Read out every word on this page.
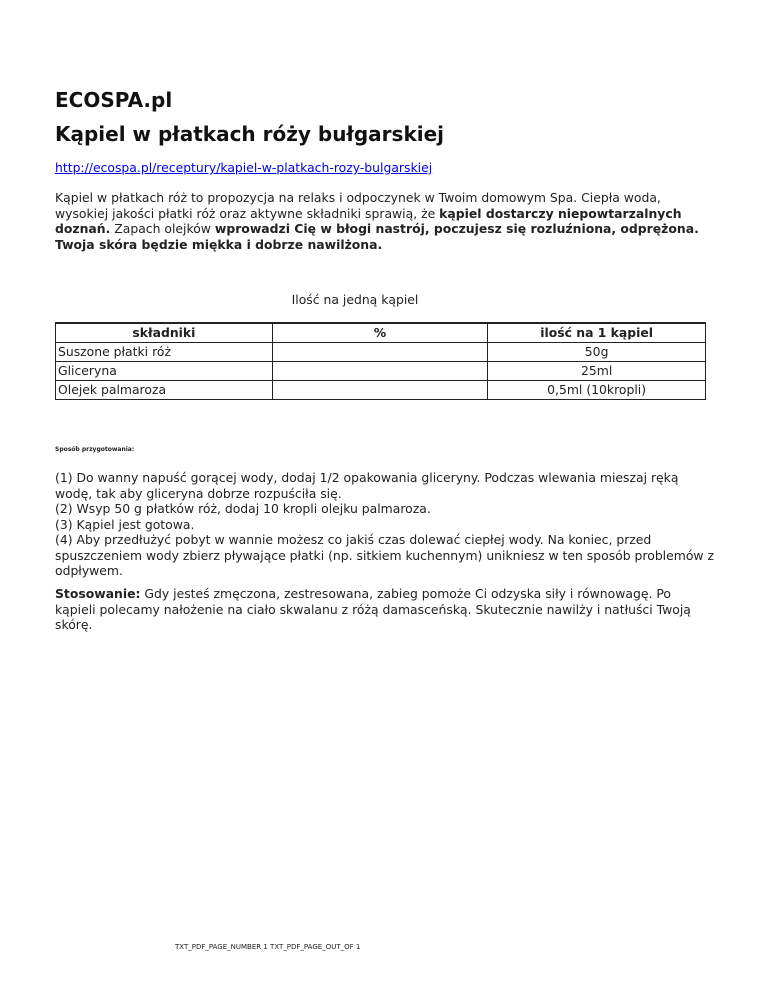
ECOSPA.pl
Kąpiel w płatkach róży bułgarskiej
http://ecospa.pl/receptury/kapiel-w-platkach-rozy-bulgarskiej

Kąpiel w płatkach róż to propozycja na relaks i odpoczynek w Twoim domowym Spa. Ciepła woda, wysokiej jakości płatki róż oraz aktywne składniki sprawią, że kąpiel dostarczy niepowtarzalnych doznań. Zapach olejków wprowadzi Cię w błogi nastrój, poczujesz się rozluźniona, odprężona. Twoja skóra będzie miękka i dobrze nawilżona.

Ilość na jedną kąpiel
składniki	%	ilość na 1 kąpiel
Suszone płatki róż		50g
Gliceryna		25ml
Olejek palmaroza		0,5ml (10kropli)
Sposób przygotowania:
(1) Do wanny napuść gorącej wody, dodaj 1/2 opakowania gliceryny. Podczas wlewania mieszaj ręką wodę, tak aby gliceryna dobrze rozpuściła się.
(2) Wsyp 50 g płatków róż, dodaj 10 kropli olejku palmaroza.
(3) Kąpiel jest gotowa.
(4) Aby przedłużyć pobyt w wannie możesz co jakiś czas dolewać ciepłej wody. Na koniec, przed spuszczeniem wody zbierz pływające płatki (np. sitkiem kuchennym) unikniesz w ten sposób problemów z odpływem.

Stosowanie: Gdy jesteś zmęczona, zestresowana, zabieg pomoże Ci odzyska siły i równowagę. Po kąpieli polecamy nałożenie na ciało skwalanu z różą damasceńską. Skutecznie nawilży i natłuści Twoją skórę.

TXT_PDF_PAGE_NUMBER 1 TXT_PDF_PAGE_OUT_OF 1
